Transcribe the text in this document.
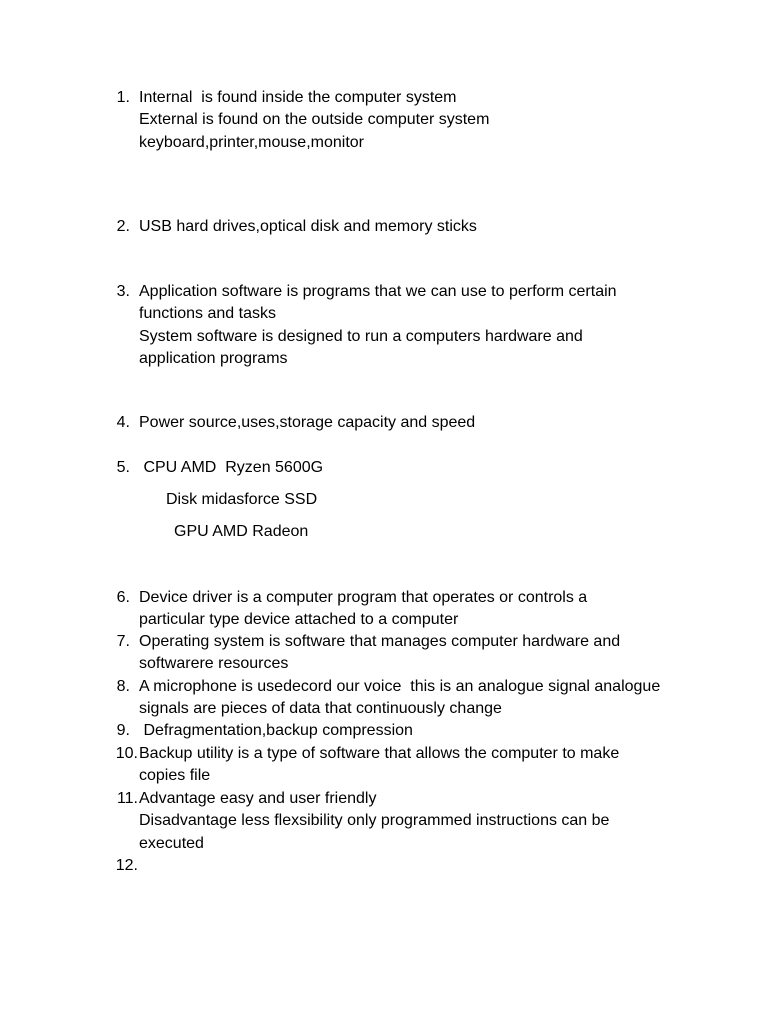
1. Internal  is found inside the computer system
External is found on the outside computer system
keyboard,printer,mouse,monitor
2. USB hard drives,optical disk and memory sticks
3. Application software is programs that we can use to perform certain
functions and tasks
System software is designed to run a computers hardware and
application programs
4. Power source,uses,storage capacity and speed
5. CPU AMD  Ryzen 5600G
Disk midasforce SSD
GPU AMD Radeon
6. Device driver is a computer program that operates or controls a
particular type device attached to a computer
7. Operating system is software that manages computer hardware and
softwarere resources
8. A microphone is usedecord our voice  this is an analogue signal analogue
signals are pieces of data that continuously change
9. Defragmentation,backup compression
10. Backup utility is a type of software that allows the computer to make
copies file
11. Advantage easy and user friendly
Disadvantage less flexsibility only programmed instructions can be
executed
12.
